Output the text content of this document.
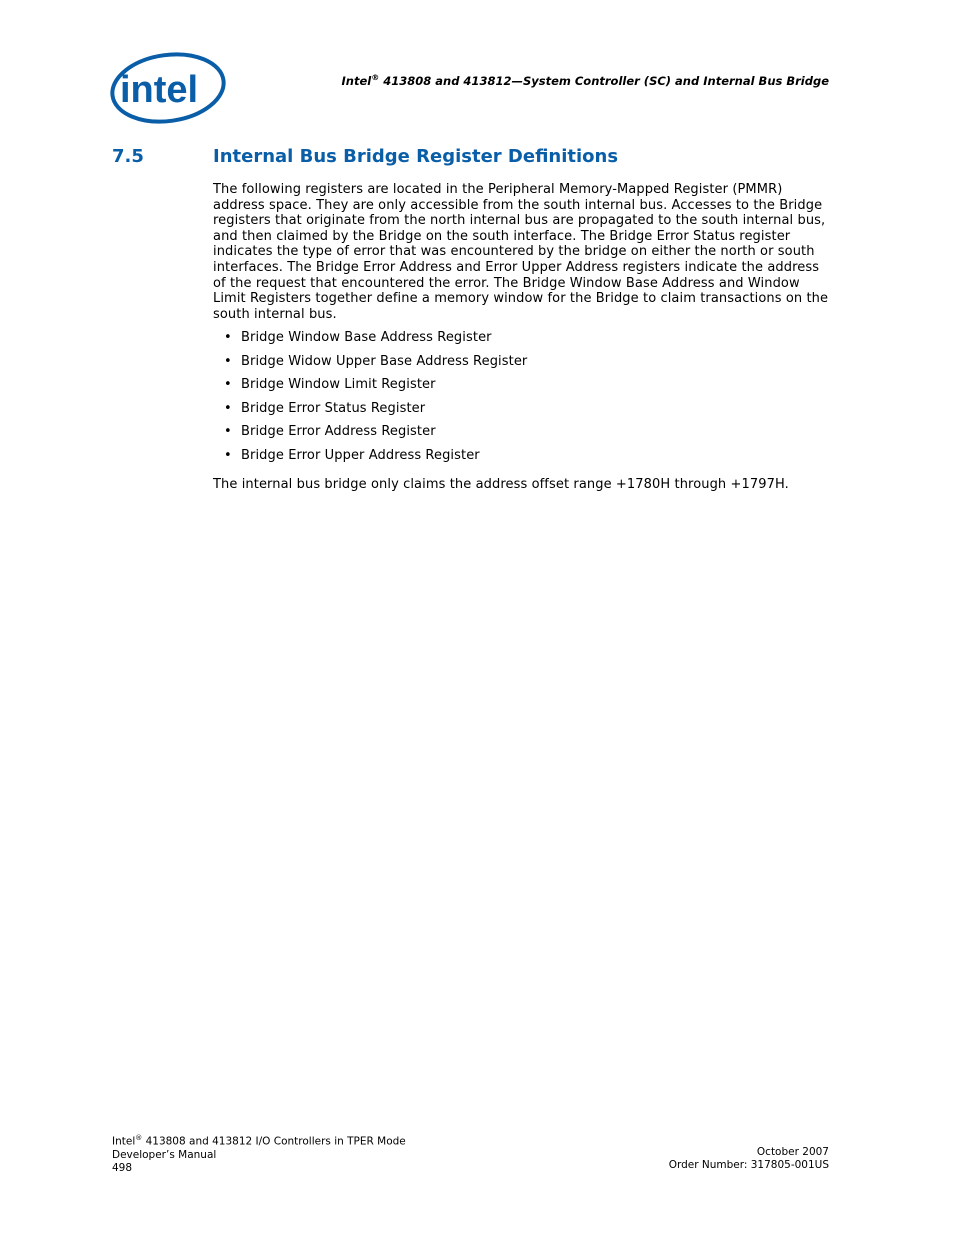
intel	Intel® 413808 and 413812—System Controller (SC) and Internal Bus Bridge
7.5	Internal Bus Bridge Register Definitions

The following registers are located in the Peripheral Memory-Mapped Register (PMMR) address space. They are only accessible from the south internal bus. Accesses to the Bridge registers that originate from the north internal bus are propagated to the south internal bus, and then claimed by the Bridge on the south interface. The Bridge Error Status register indicates the type of error that was encountered by the bridge on either the north or south interfaces. The Bridge Error Address and Error Upper Address registers indicate the address of the request that encountered the error. The Bridge Window Base Address and Window Limit Registers together define a memory window for the Bridge to claim transactions on the south internal bus.

• Bridge Window Base Address Register
• Bridge Widow Upper Base Address Register
• Bridge Window Limit Register
• Bridge Error Status Register
• Bridge Error Address Register
• Bridge Error Upper Address Register

The internal bus bridge only claims the address offset range +1780H through +1797H.

Intel® 413808 and 413812 I/O Controllers in TPER Mode
Developer’s Manual
498
October 2007
Order Number: 317805-001US
